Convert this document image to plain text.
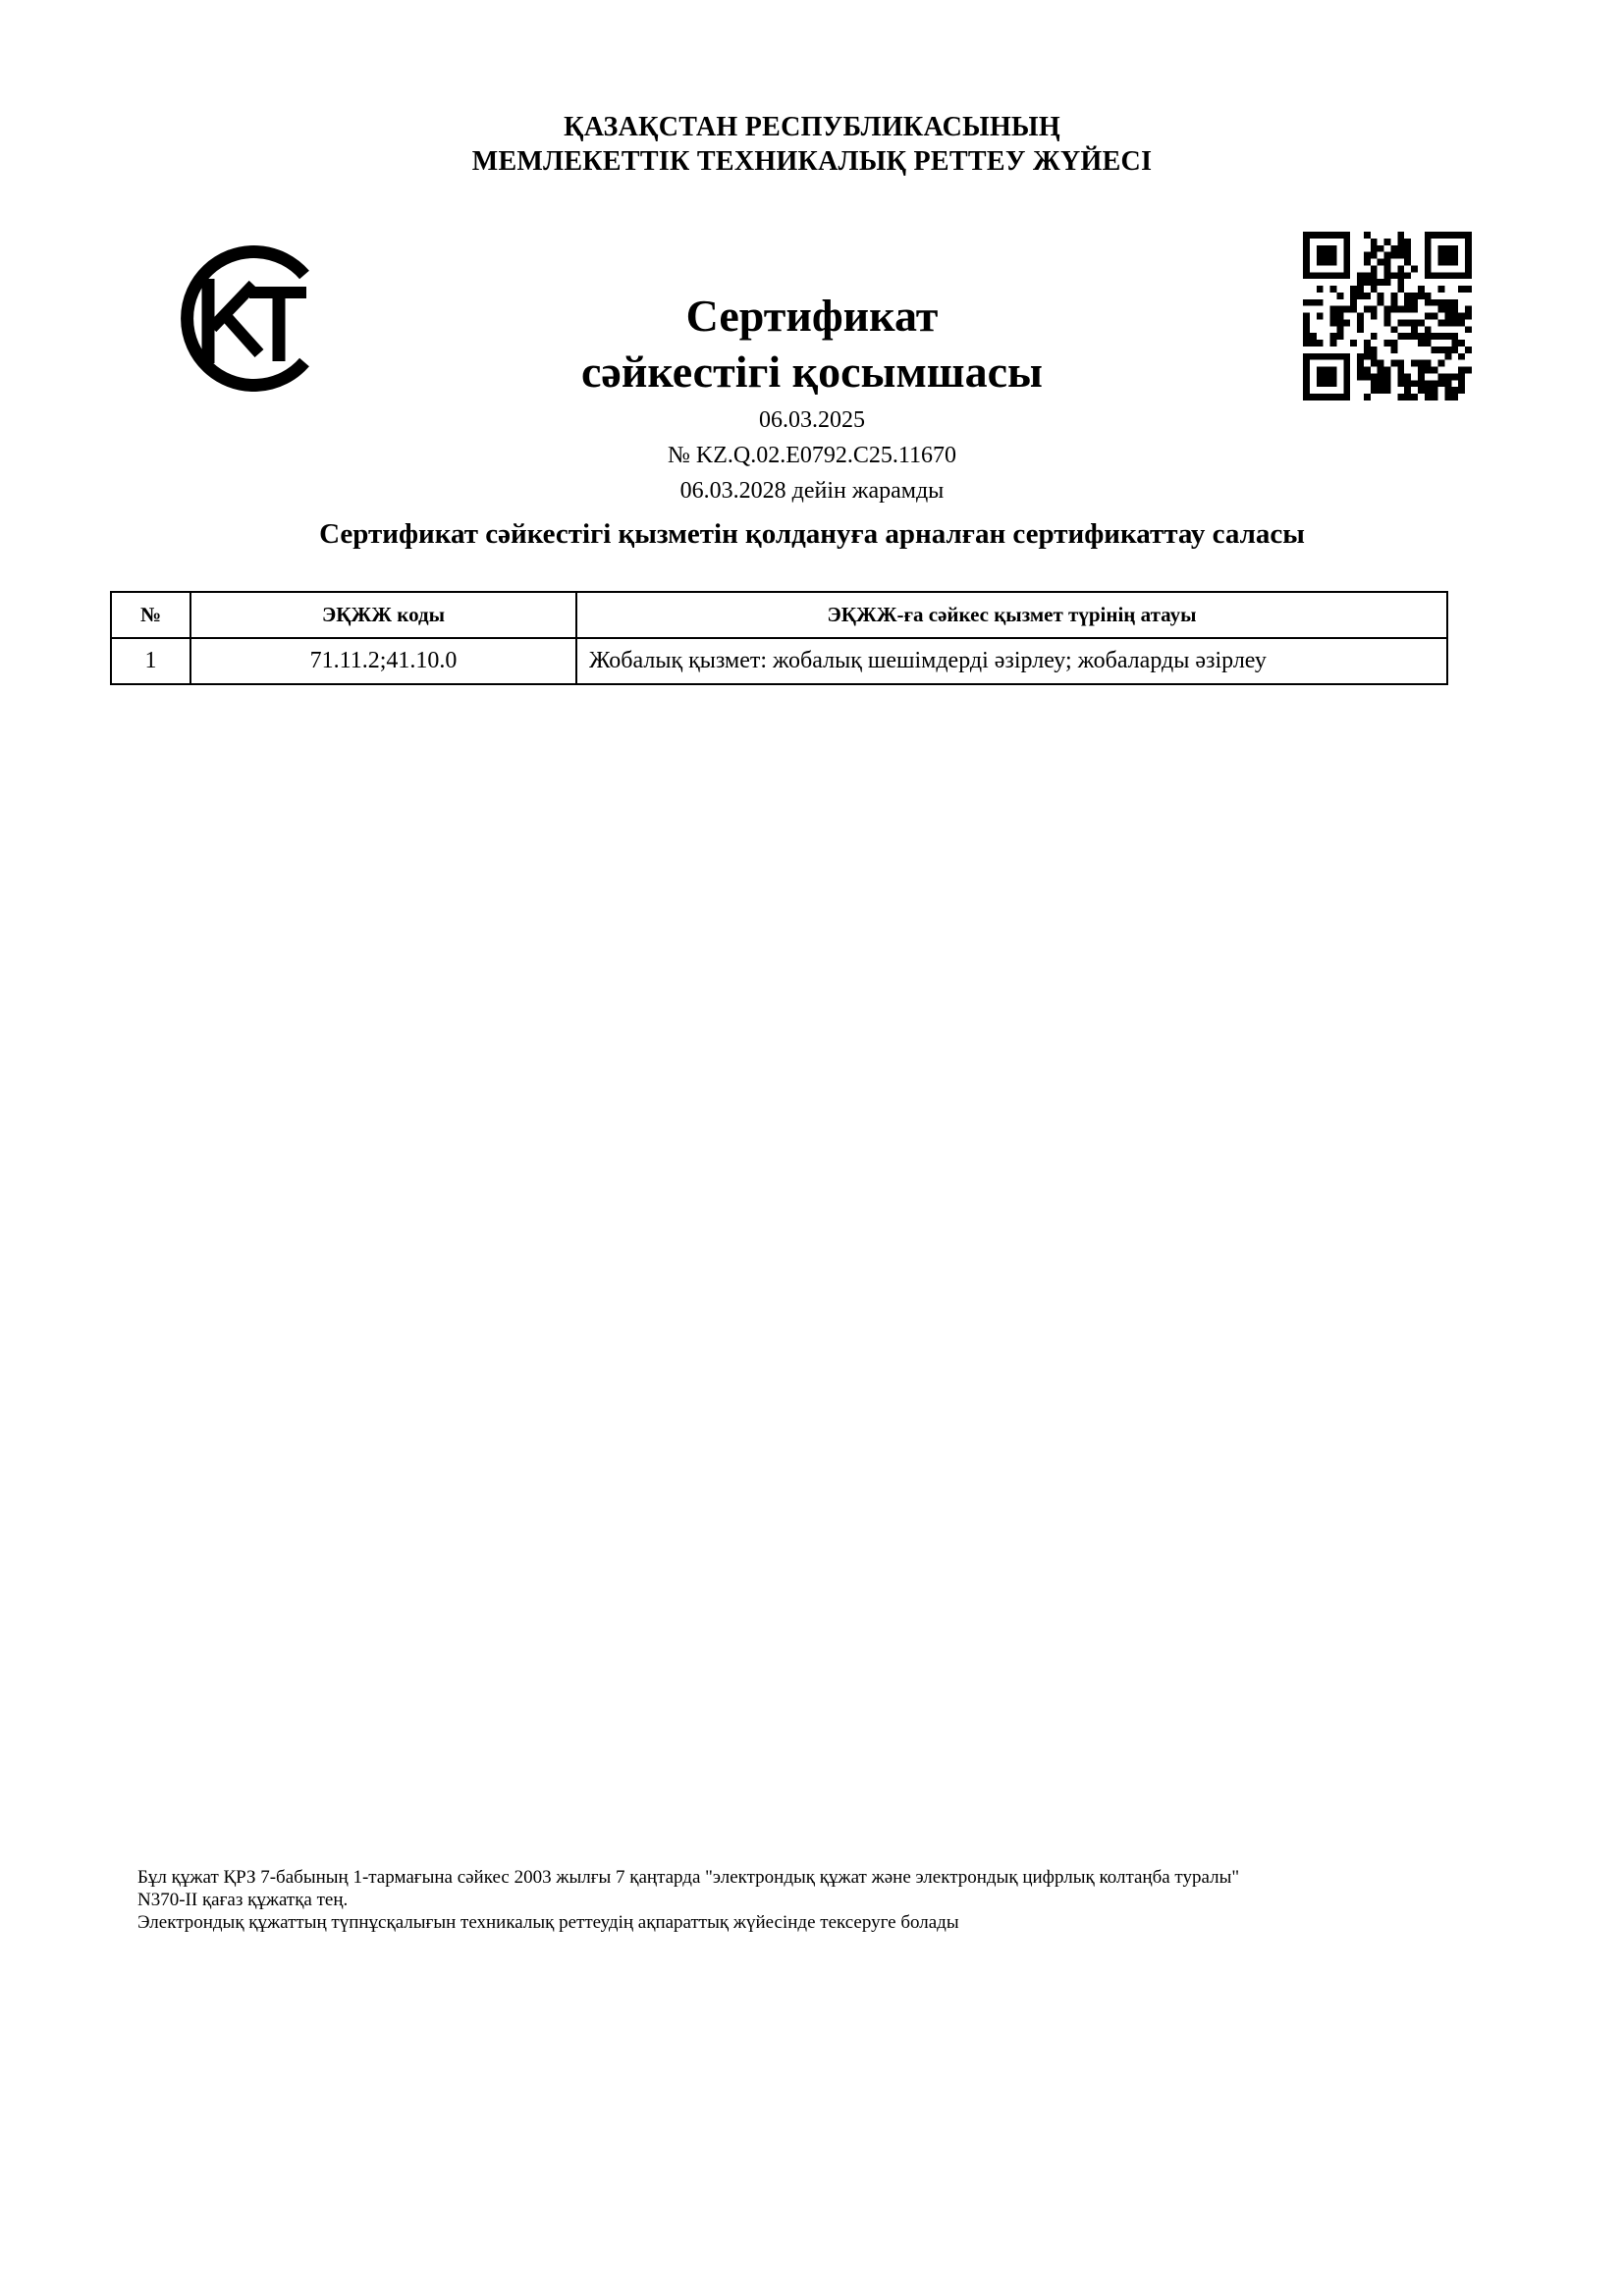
ҚАЗАҚСТАН РЕСПУБЛИКАСЫНЫҢ
МЕМЛЕКЕТТІК ТЕХНИКАЛЫҚ РЕТТЕУ ЖҮЙЕСІ
Сертификат
сәйкестігі қосымшасы
06.03.2025
№ KZ.Q.02.E0792.C25.11670
06.03.2028 дейін жарамды
Сертификат сәйкестігі қызметін қолдануға арналған сертификаттау саласы
№	ЭҚЖЖ коды	ЭҚЖЖ-ға сәйкес қызмет түрінің атауы
1	71.11.2;41.10.0	Жобалық қызмет: жобалық шешімдерді әзірлеу; жобаларды әзірлеу
Бұл құжат ҚРЗ 7-бабының 1-тармағына сәйкес 2003 жылғы 7 қаңтарда "электрондық құжат және электрондық цифрлық колтаңба туралы"
N370-II қағаз құжатқа тең.
Электрондық құжаттың түпнұсқалығын техникалық реттеудің ақпараттық жүйесінде тексеруге болады
